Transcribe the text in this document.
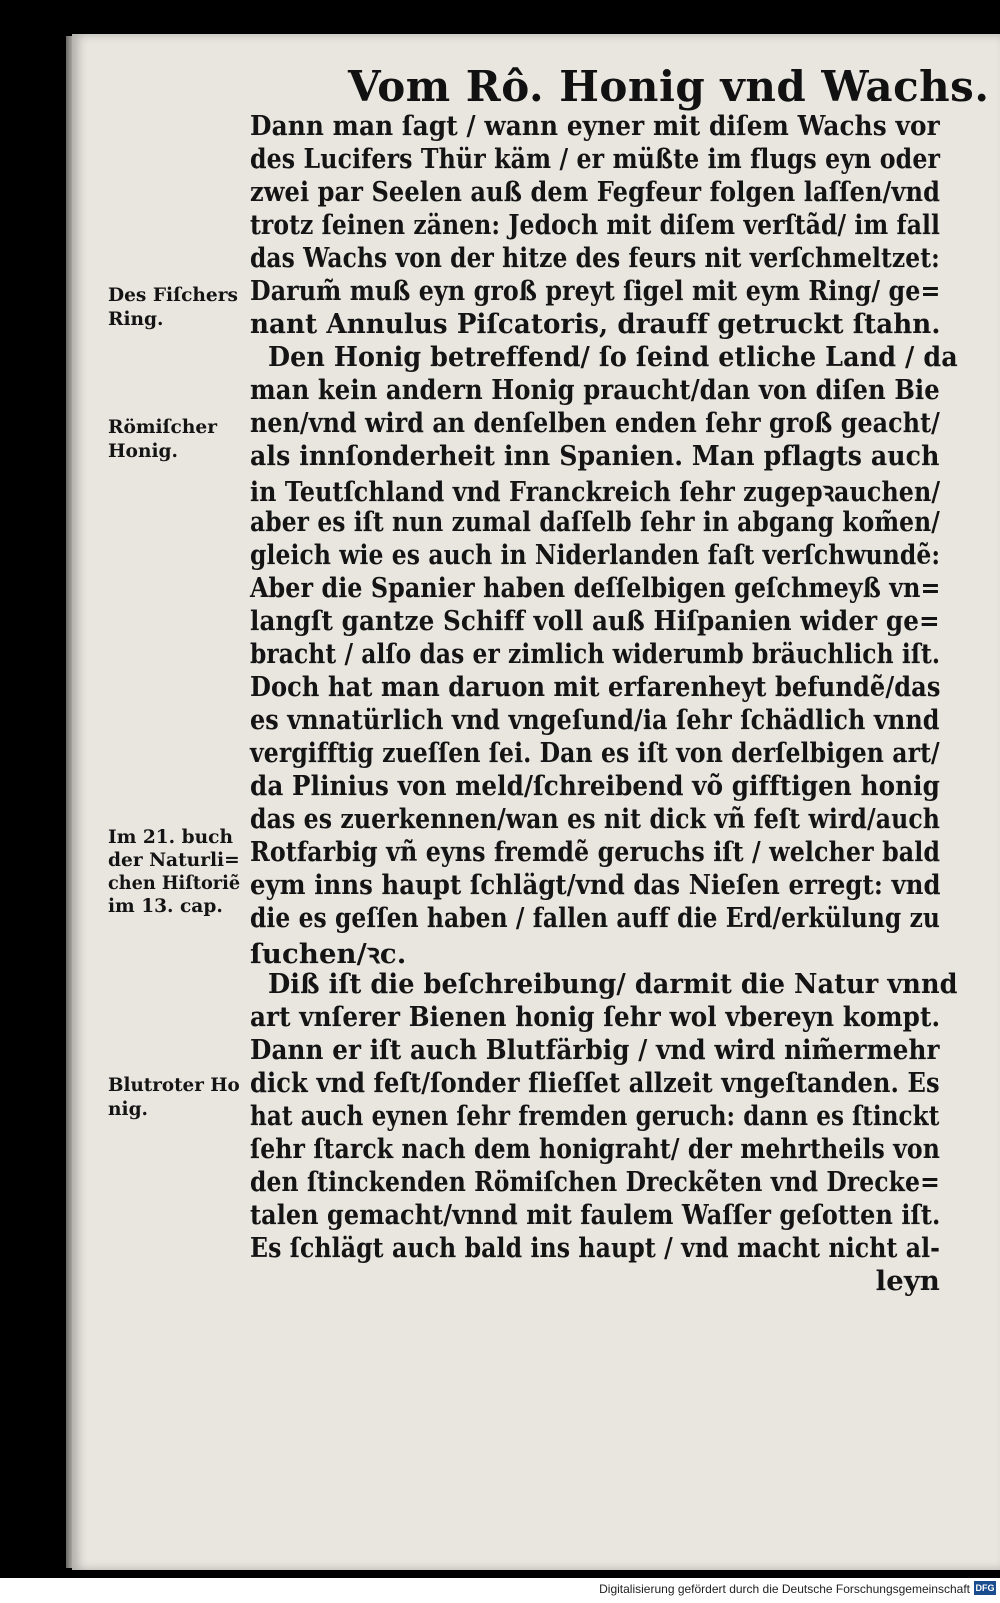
Vom Rô. Honig vnd Wachs.
Dann man ſagt / wann eyner mit diſem Wachs vor
des Lucifers Thür käm / er müßte im flugs eyn oder
zwei par Seelen auß dem Fegfeur folgen laſſen/vnd
trotz ſeinen zänen: Jedoch mit diſem verſtãd/ im fall
das Wachs von der hitze des feurs nit verſchmeltzet:
Darum̃ muß eyn groß preyt ſigel mit eym Ring/ ge=
nant Annulus Piſcatoris, drauff getruckt ſtahn.
Den Honig betreffend/ ſo ſeind etliche Land / da
man kein andern Honig praucht/dan von diſen Bie
nen/vnd wird an denſelben enden ſehr groß geacht/
als innſonderheit inn Spanien. Man pflagts auch
in Teutſchland vnd Franckreich ſehr zugepꝛauchen/
aber es iſt nun zumal daſſelb ſehr in abgang kom̃en/
gleich wie es auch in Niderlanden faſt verſchwundẽ:
Aber die Spanier haben deſſelbigen geſchmeyß vn=
langſt gantze Schiff voll auß Hiſpanien wider ge=
bracht / alſo das er zimlich widerumb bräuchlich iſt.
Doch hat man daruon mit erfarenheyt befundẽ/das
es vnnatürlich vnd vngeſund/ia ſehr ſchädlich vnnd
vergifftig zueſſen ſei. Dan es iſt von derſelbigen art/
da Plinius von meld/ſchreibend võ gifftigen honig
das es zuerkennen/wan es nit dick vñ feſt wird/auch
Rotfarbig vñ eyns fremdẽ geruchs iſt / welcher bald
eym inns haupt ſchlägt/vnd das Nieſen erregt: vnd
die es geſſen haben / fallen auff die Erd/erkülung zu
ſuchen/ꝛc.
Diß iſt die beſchreibung/ darmit die Natur vnnd
art vnſerer Bienen honig ſehr wol vbereyn kompt.
Dann er iſt auch Blutfärbig / vnd wird nim̃ermehr
dick vnd feſt/ſonder flieſſet allzeit vngeſtanden. Es
hat auch eynen ſehr fremden geruch: dann es ſtinckt
ſehr ſtarck nach dem honigraht/ der mehrtheils von
den ſtinckenden Römiſchen Dreckẽten vnd Drecke=
talen gemacht/vnnd mit faulem Waſſer geſotten iſt.
Es ſchlägt auch bald ins haupt / vnd macht nicht al-
leyn
Des Fiſchers
Ring.
Römiſcher
Honig.
Im 21. buch
der Naturli=
chen Hiſtoriẽ
im 13. cap.
Blutroter Ho
nig.
Digitalisierung gefördert durch die Deutsche Forschungsgemeinschaft DFG
